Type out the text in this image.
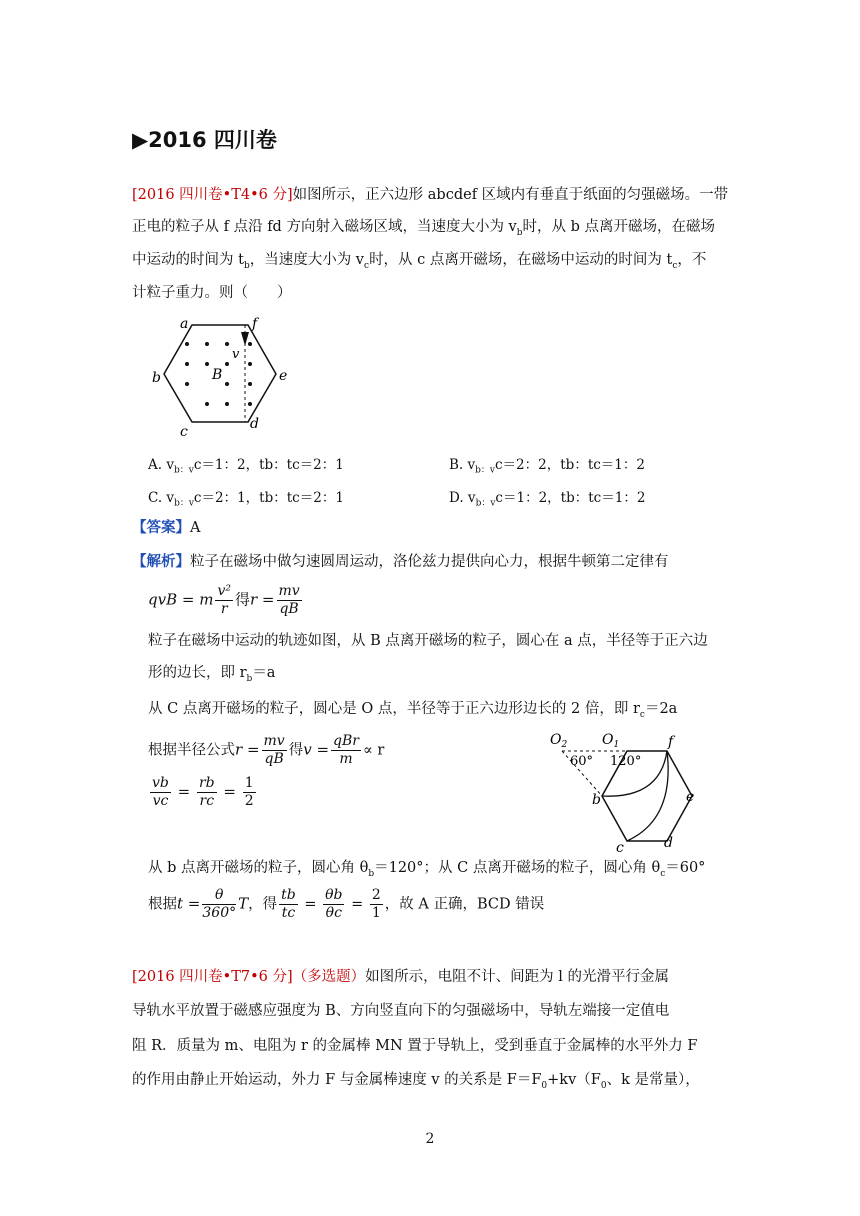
▶2016 四川卷
[2016 四川卷•T4•6 分]如图所示，正六边形 abcdef 区域内有垂直于纸面的匀强磁场。一带
正电的粒子从 f 点沿 fd 方向射入磁场区域，当速度大小为 $v_b$时，从 b 点离开磁场，在磁场
中运动的时间为 $t_b$，当速度大小为 $v_c$时，从 c 点离开磁场，在磁场中运动的时间为 $t_c$，不
计粒子重力。则（　　）
a	f
b	e
c	d
B
v
A. $v_{b:v}c=1$：2，tb：tc＝2：1	B. $v_{b:v}c=2$：2，tb：tc＝1：2
C. $v_{b:v}c=2$：1，tb：tc＝2：1	D. $v_{b:v}c=1$：2，tb：tc＝1：2
【答案】A
【解析】粒子在磁场中做匀速圆周运动，洛伦兹力提供向心力，根据牛顿第二定律有
qvB = m $\frac{\text{v²}}{r}$ 得$r = \frac{mv}{qB}$
粒子在磁场中运动的轨迹如图，从 B 点离开磁场的粒子，圆心在 a 点，半径等于正六边
形的边长，即 $r_b=a$
从 C 点离开磁场的粒子，圆心是 O 点，半径等于正六边形边长的 2 倍，即 $r_c=2a$
根据半径公式$r = \frac{mv}{qB}$ 得$v = \frac{\text{qBr}}{m} \propto r$
$\frac{vb}{vc} = \frac{rb}{rc} = \frac{1}{2}$
$O_2$ $O_1$
60° 120°
f
b	e
c	d
从 b 点离开磁场的粒子，圆心角 $\theta_b=120^\circ$；从 C 点离开磁场的粒子，圆心角 $\theta_c=60^\circ$
根据$t = \frac{\theta}{360^\circ}$ T，得 $\frac{tb}{tc} = \frac{\theta b}{\theta c} = \frac{2}{1}$ ，故 A 正确，BCD 错误
[2016 四川卷•T7•6 分]（多选题）如图所示，电阻不计、间距为 l 的光滑平行金属
导轨水平放置于磁感应强度为 B、方向竖直向下的匀强磁场中，导轨左端接一定值电
阻 R．质量为 m、电阻为 r 的金属棒 MN 置于导轨上，受到垂直于金属棒的水平外力 F
的作用由静止开始运动，外力 F 与金属棒速度 v 的关系是 $F=F_0+kv(F_0$、k 是常量），
2
